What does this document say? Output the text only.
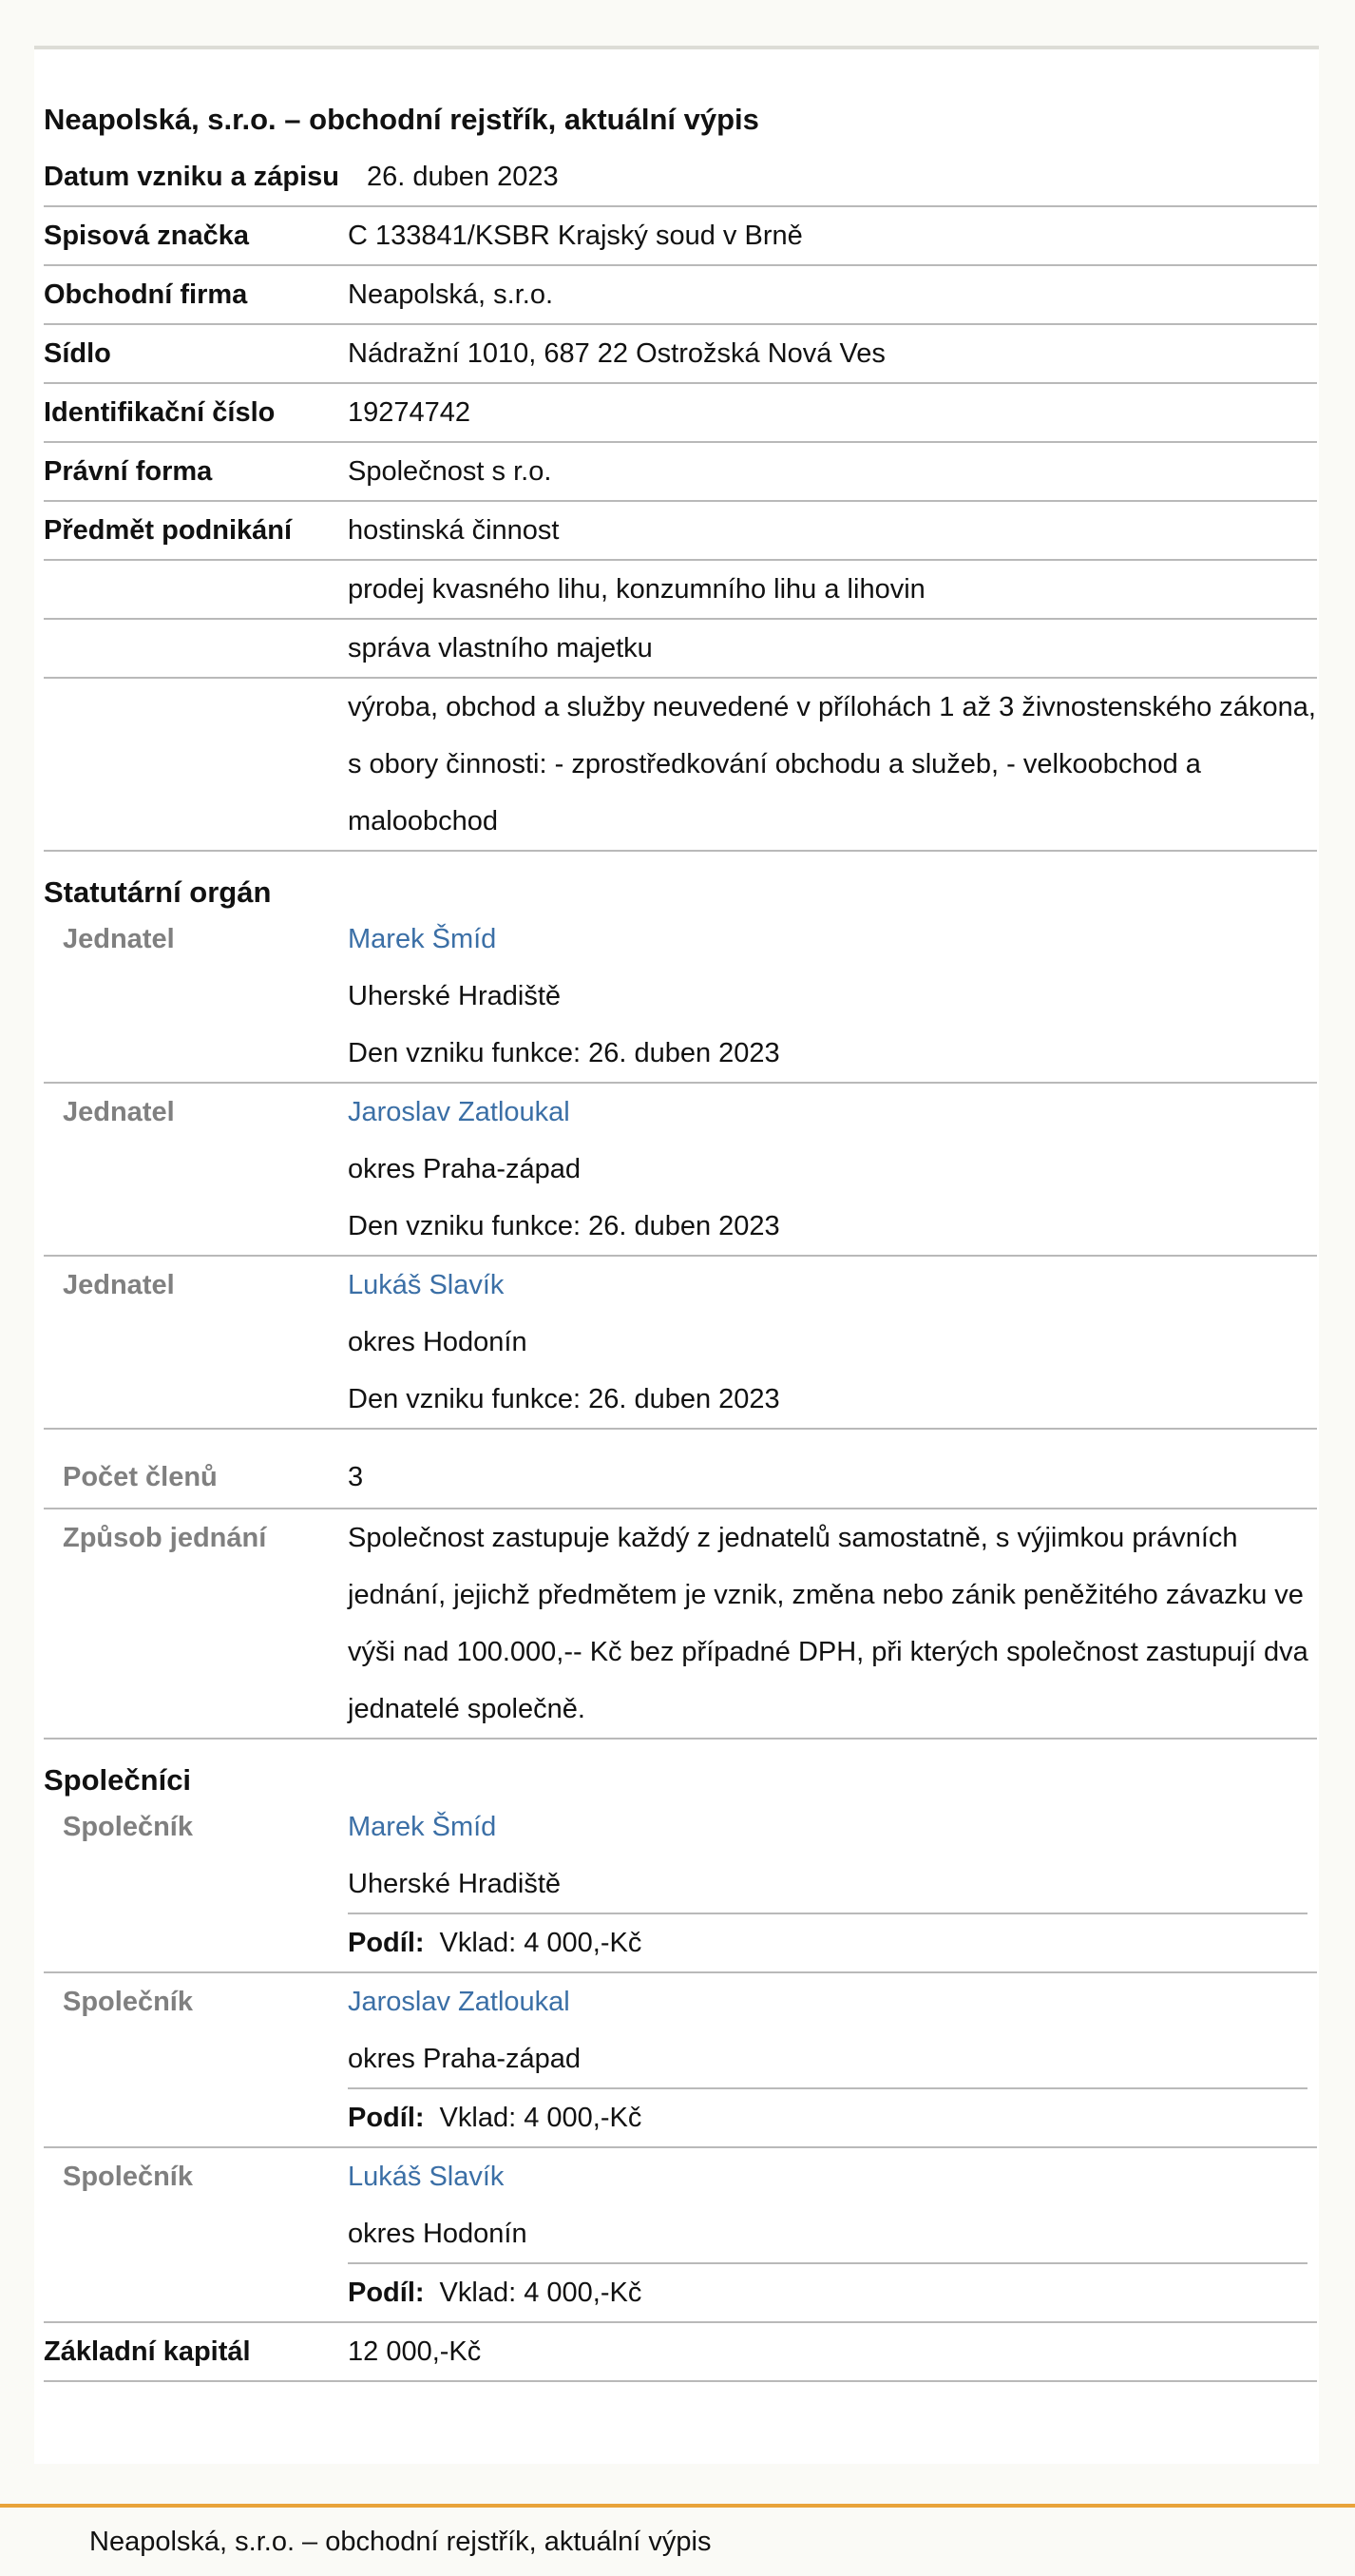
Neapolská, s.r.o. – obchodní rejstřík, aktuální výpis
Datum vzniku a zápisu 26. duben 2023
Spisová značka	C 133841/KSBR Krajský soud v Brně
Obchodní firma	Neapolská, s.r.o.
Sídlo	Nádražní 1010, 687 22 Ostrožská Nová Ves
Identifikační číslo	19274742
Právní forma	Společnost s r.o.
Předmět podnikání	hostinská činnost
prodej kvasného lihu, konzumního lihu a lihovin
správa vlastního majetku
výroba, obchod a služby neuvedené v přílohách 1 až 3 živnostenského zákona, s obory činnosti: - zprostředkování obchodu a služeb, - velkoobchod a maloobchod
Statutární orgán
Jednatel	Marek Šmíd
Uherské Hradiště
Den vzniku funkce: 26. duben 2023
Jednatel	Jaroslav Zatloukal
okres Praha-západ
Den vzniku funkce: 26. duben 2023
Jednatel	Lukáš Slavík
okres Hodonín
Den vzniku funkce: 26. duben 2023
Počet členů	3
Způsob jednání	Společnost zastupuje každý z jednatelů samostatně, s výjimkou právních jednání, jejichž předmětem je vznik, změna nebo zánik peněžitého závazku ve výši nad 100.000,-- Kč bez případné DPH, při kterých společnost zastupují dva jednatelé společně.
Společníci
Společník	Marek Šmíd
Uherské Hradiště
Podíl: Vklad: 4 000,-Kč
Společník	Jaroslav Zatloukal
okres Praha-západ
Podíl: Vklad: 4 000,-Kč
Společník	Lukáš Slavík
okres Hodonín
Podíl: Vklad: 4 000,-Kč
Základní kapitál	12 000,-Kč
Neapolská, s.r.o. – obchodní rejstřík, aktuální výpis
